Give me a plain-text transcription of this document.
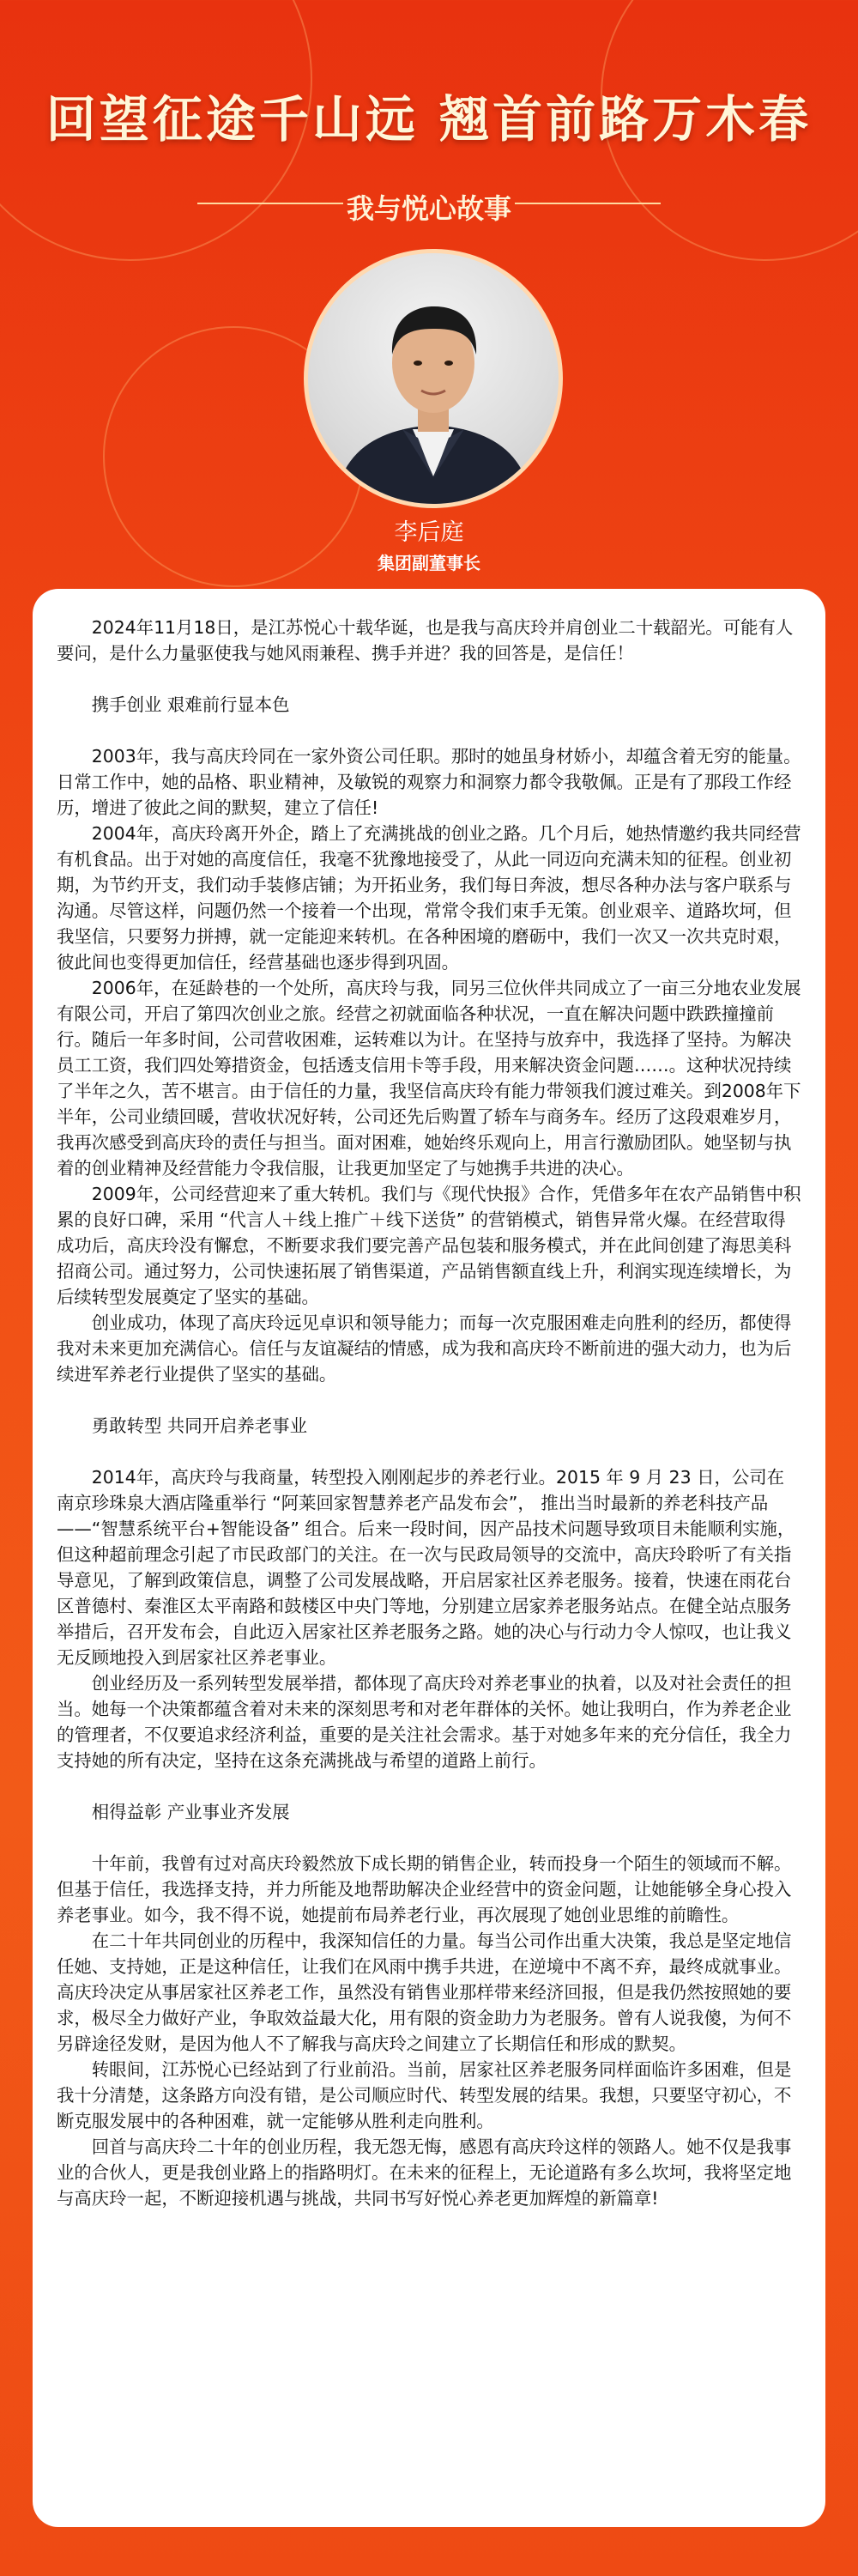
回望征途千山远 翘首前路万木春
我与悦心故事
李后庭
集团副董事长

2024年11月18日，是江苏悦心十载华诞，也是我与高庆玲并肩创业二十载韶光。可能有人要问，是什么力量驱使我与她风雨兼程、携手并进？我的回答是，是信任！

携手创业 艰难前行显本色

2003年，我与高庆玲同在一家外资公司任职。那时的她虽身材娇小，却蕴含着无穷的能量。日常工作中，她的品格、职业精神，及敏锐的观察力和洞察力都令我敬佩。正是有了那段工作经历，增进了彼此之间的默契，建立了信任!

2004年，高庆玲离开外企，踏上了充满挑战的创业之路。几个月后，她热情邀约我共同经营有机食品。出于对她的高度信任，我毫不犹豫地接受了，从此一同迈向充满未知的征程。创业初期，为节约开支，我们动手装修店铺；为开拓业务，我们每日奔波，想尽各种办法与客户联系与沟通。尽管这样，问题仍然一个接着一个出现，常常令我们束手无策。创业艰辛、道路坎坷，但我坚信，只要努力拼搏，就一定能迎来转机。在各种困境的磨砺中，我们一次又一次共克时艰，彼此间也变得更加信任，经营基础也逐步得到巩固。

2006年，在延龄巷的一个处所，高庆玲与我，同另三位伙伴共同成立了一亩三分地农业发展有限公司，开启了第四次创业之旅。经营之初就面临各种状况，一直在解决问题中跌跌撞撞前行。随后一年多时间，公司营收困难，运转难以为计。在坚持与放弃中，我选择了坚持。为解决员工工资，我们四处筹措资金，包括透支信用卡等手段，用来解决资金问题……。这种状况持续了半年之久，苦不堪言。由于信任的力量，我坚信高庆玲有能力带领我们渡过难关。到2008年下半年，公司业绩回暖，营收状况好转，公司还先后购置了轿车与商务车。经历了这段艰难岁月，我再次感受到高庆玲的责任与担当。面对困难，她始终乐观向上，用言行激励团队。她坚韧与执着的创业精神及经营能力令我信服，让我更加坚定了与她携手共进的决心。

2009年，公司经营迎来了重大转机。我们与《现代快报》合作，凭借多年在农产品销售中积累的良好口碑，采用 “代言人＋线上推广＋线下送货” 的营销模式，销售异常火爆。在经营取得成功后，高庆玲没有懈怠，不断要求我们要完善产品包装和服务模式，并在此间创建了海思美科招商公司。通过努力，公司快速拓展了销售渠道，产品销售额直线上升，利润实现连续增长，为后续转型发展奠定了坚实的基础。

创业成功，体现了高庆玲远见卓识和领导能力；而每一次克服困难走向胜利的经历，都使得我对未来更加充满信心。信任与友谊凝结的情感，成为我和高庆玲不断前进的强大动力，也为后续进军养老行业提供了坚实的基础。

勇敢转型 共同开启养老事业

2014年，高庆玲与我商量，转型投入刚刚起步的养老行业。2015 年 9 月 23 日，公司在南京珍珠泉大酒店隆重举行 “阿莱回家智慧养老产品发布会”， 推出当时最新的养老科技产品——“智慧系统平台+智能设备” 组合。后来一段时间，因产品技术问题导致项目未能顺利实施，但这种超前理念引起了市民政部门的关注。在一次与民政局领导的交流中，高庆玲聆听了有关指导意见，了解到政策信息，调整了公司发展战略，开启居家社区养老服务。接着，快速在雨花台区普德村、秦淮区太平南路和鼓楼区中央门等地，分别建立居家养老服务站点。在健全站点服务举措后，召开发布会，自此迈入居家社区养老服务之路。她的决心与行动力令人惊叹，也让我义无反顾地投入到居家社区养老事业。

创业经历及一系列转型发展举措，都体现了高庆玲对养老事业的执着，以及对社会责任的担当。她每一个决策都蕴含着对未来的深刻思考和对老年群体的关怀。她让我明白，作为养老企业的管理者，不仅要追求经济利益，重要的是关注社会需求。基于对她多年来的充分信任，我全力支持她的所有决定，坚持在这条充满挑战与希望的道路上前行。

相得益彰 产业事业齐发展

十年前，我曾有过对高庆玲毅然放下成长期的销售企业，转而投身一个陌生的领域而不解。但基于信任，我选择支持，并力所能及地帮助解决企业经营中的资金问题，让她能够全身心投入养老事业。如今，我不得不说，她提前布局养老行业，再次展现了她创业思维的前瞻性。

在二十年共同创业的历程中，我深知信任的力量。每当公司作出重大决策，我总是坚定地信任她、支持她，正是这种信任，让我们在风雨中携手共进，在逆境中不离不弃，最终成就事业。高庆玲决定从事居家社区养老工作，虽然没有销售业那样带来经济回报，但是我仍然按照她的要求，极尽全力做好产业，争取效益最大化，用有限的资金助力为老服务。曾有人说我傻，为何不另辟途径发财，是因为他人不了解我与高庆玲之间建立了长期信任和形成的默契。

转眼间，江苏悦心已经站到了行业前沿。当前，居家社区养老服务同样面临许多困难，但是我十分清楚，这条路方向没有错，是公司顺应时代、转型发展的结果。我想，只要坚守初心，不断克服发展中的各种困难，就一定能够从胜利走向胜利。

回首与高庆玲二十年的创业历程，我无怨无悔，感恩有高庆玲这样的领路人。她不仅是我事业的合伙人，更是我创业路上的指路明灯。在未来的征程上，无论道路有多么坎坷，我将坚定地与高庆玲一起，不断迎接机遇与挑战，共同书写好悦心养老更加辉煌的新篇章!
